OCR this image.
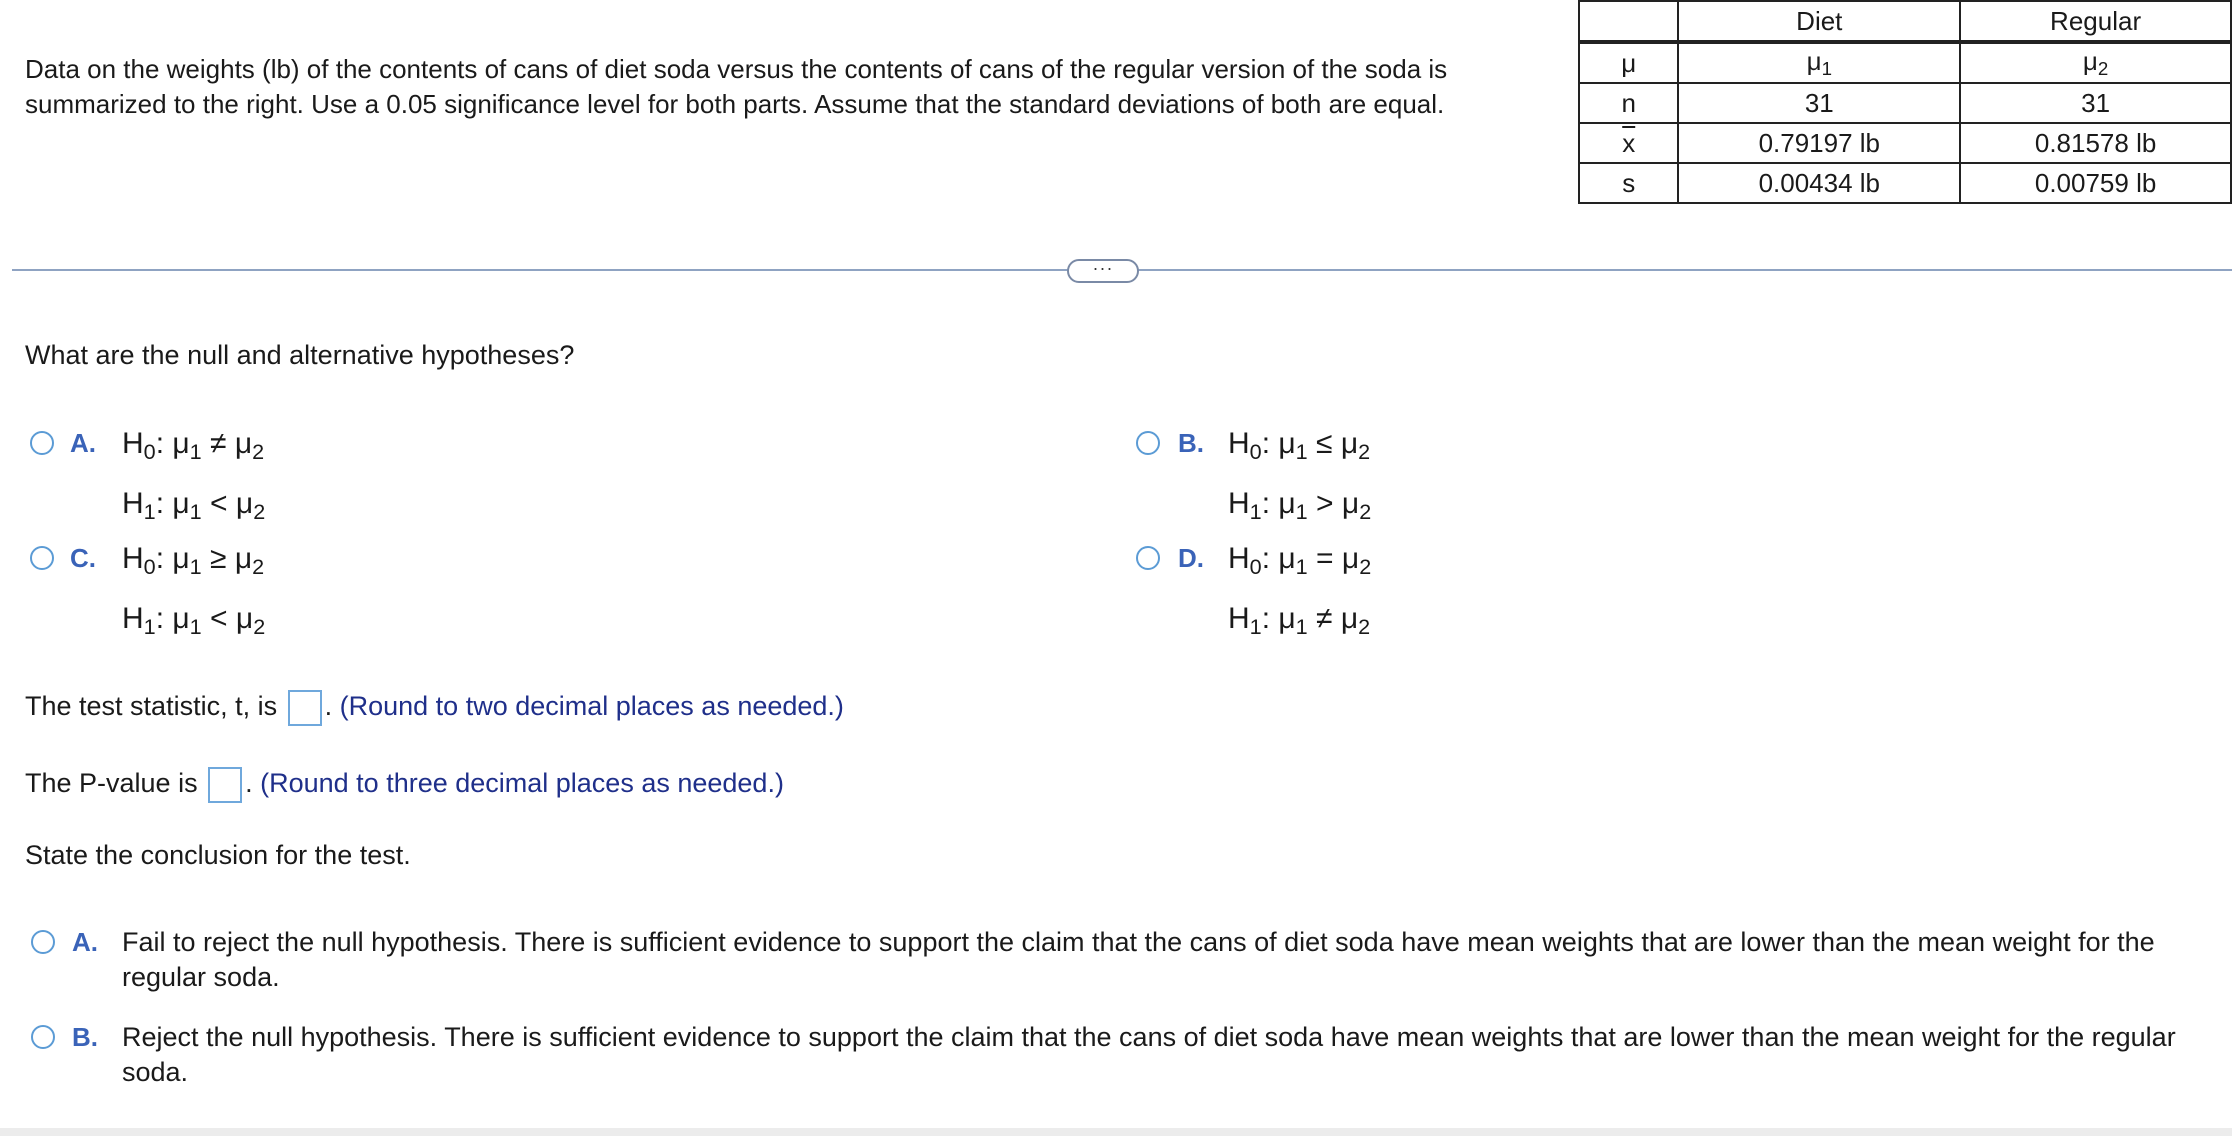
Data on the weights (lb) of the contents of cans of diet soda versus the contents of cans of the regular version of the soda is summarized to the right. Use a 0.05 significance level for both parts. Assume that the standard deviations of both are equal.
	Diet	Regular
μ	$\mu_1$	$\mu_2$
n	31	31
$\overline{x}$	0.79197 lb	0.81578 lb
s	0.00434 lb	0.00759 lb
···
What are the null and alternative hypotheses?
A. $H_0$: $\mu_1 \ne \mu_2$
$H_1$: $\mu_1 < \mu_2$
B. $H_0$: $\mu_1 \le \mu_2$
$H_1$: $\mu_1 > \mu_2$
C. $H_0$: $\mu_1 \ge \mu_2$
$H_1$: $\mu_1 < \mu_2$
D. $H_0$: $\mu_1 = \mu_2$
$H_1$: $\mu_1 \ne \mu_2$
The test statistic, t, is . (Round to two decimal places as needed.)
The P-value is . (Round to three decimal places as needed.)
State the conclusion for the test.
A. Fail to reject the null hypothesis. There is sufficient evidence to support the claim that the cans of diet soda have mean weights that are lower than the mean weight for the regular soda.
B. Reject the null hypothesis. There is sufficient evidence to support the claim that the cans of diet soda have mean weights that are lower than the mean weight for the regular soda.
